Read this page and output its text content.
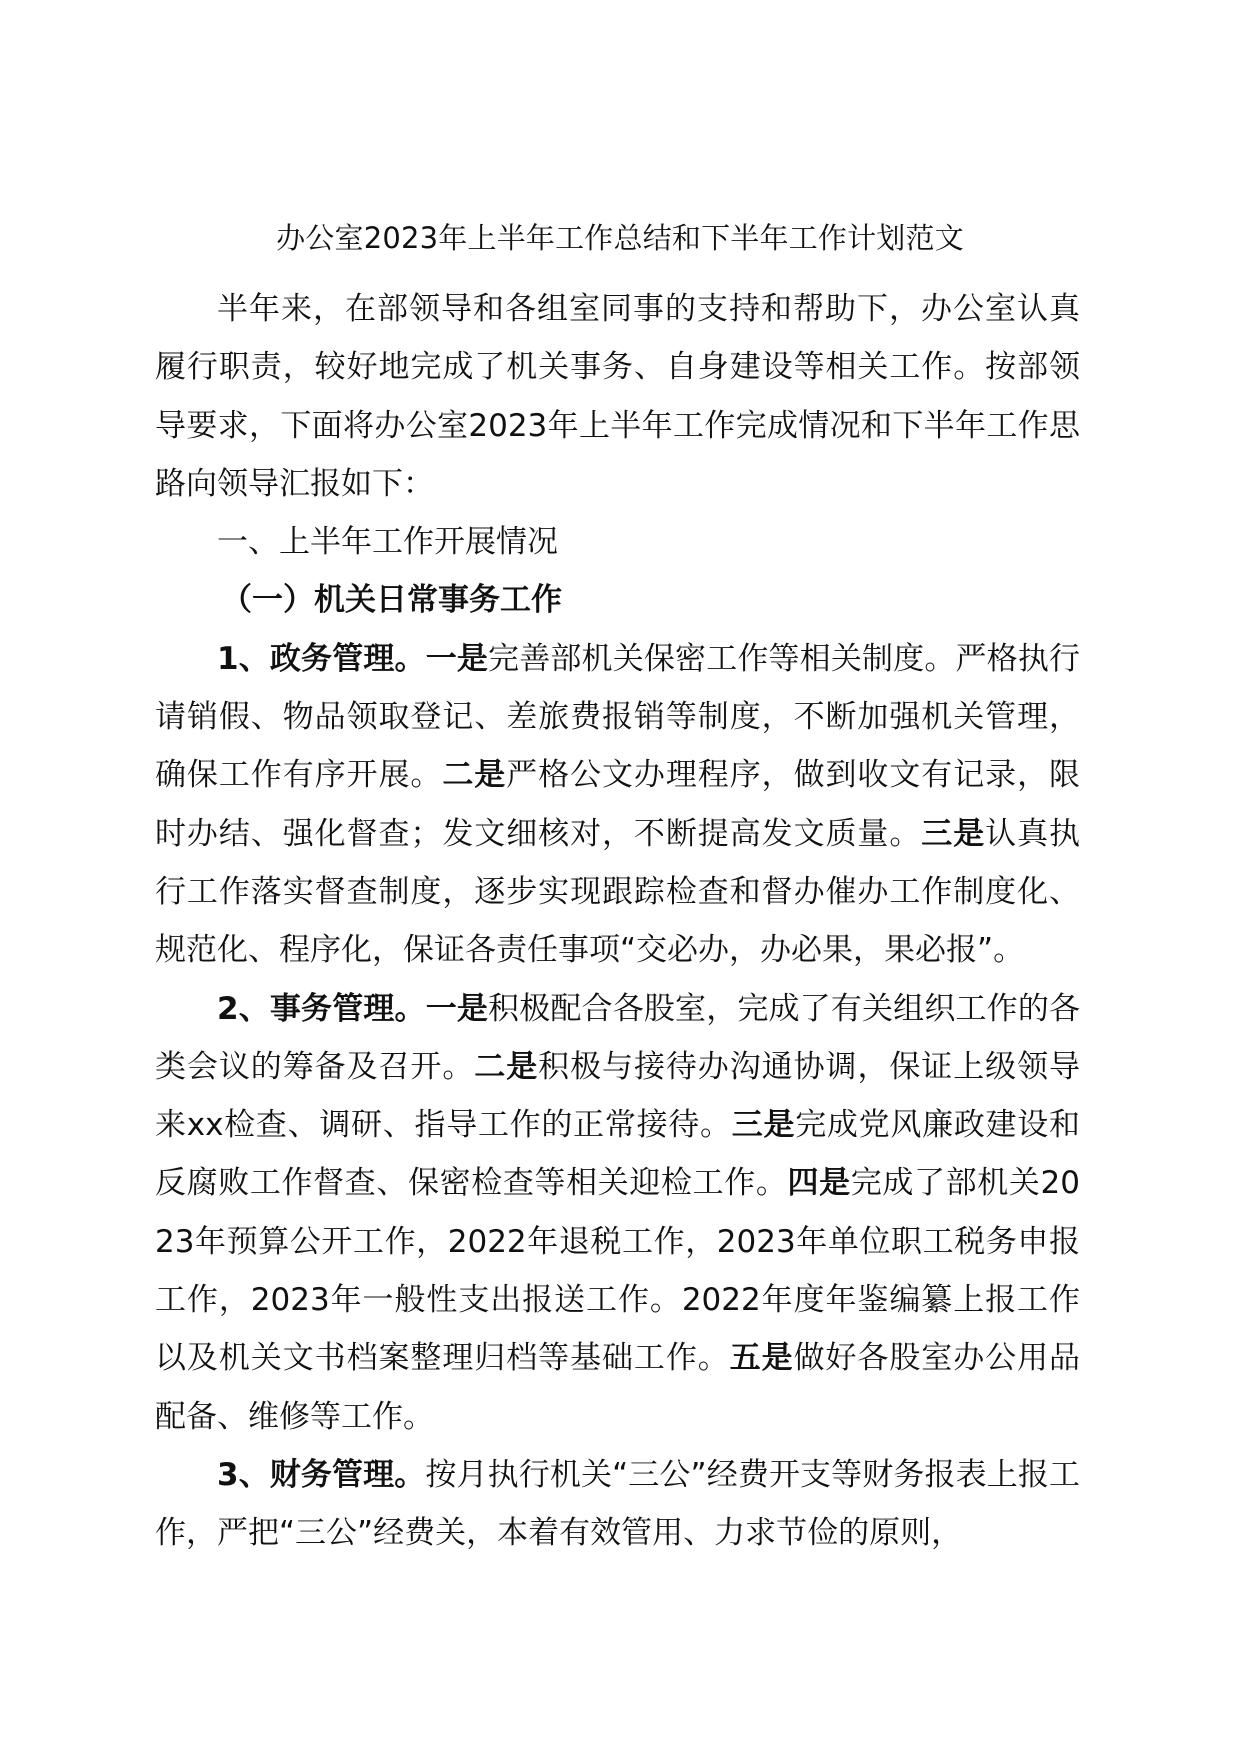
办公室2023年上半年工作总结和下半年工作计划范文

半年来，在部领导和各组室同事的支持和帮助下，办公室认真履行职责，较好地完成了机关事务、自身建设等相关工作。按部领导要求，下面将办公室2023年上半年工作完成情况和下半年工作思路向领导汇报如下：

一、上半年工作开展情况

（一）机关日常事务工作

1、政务管理。一是完善部机关保密工作等相关制度。严格执行请销假、物品领取登记、差旅费报销等制度，不断加强机关管理，确保工作有序开展。二是严格公文办理程序，做到收文有记录，限时办结、强化督查；发文细核对，不断提高发文质量。三是认真执行工作落实督查制度，逐步实现跟踪检查和督办催办工作制度化、规范化、程序化，保证各责任事项“交必办，办必果，果必报”。

2、事务管理。一是积极配合各股室，完成了有关组织工作的各类会议的筹备及召开。二是积极与接待办沟通协调，保证上级领导来xx检查、调研、指导工作的正常接待。三是完成党风廉政建设和反腐败工作督查、保密检查等相关迎检工作。四是完成了部机关2023年预算公开工作，2022年退税工作，2023年单位职工税务申报工作，2023年一般性支出报送工作。2022年度年鉴编纂上报工作以及机关文书档案整理归档等基础工作。五是做好各股室办公用品配备、维修等工作。

3、财务管理。按月执行机关“三公”经费开支等财务报表上报工作，严把“三公”经费关，本着有效管用、力求节俭的原则，
